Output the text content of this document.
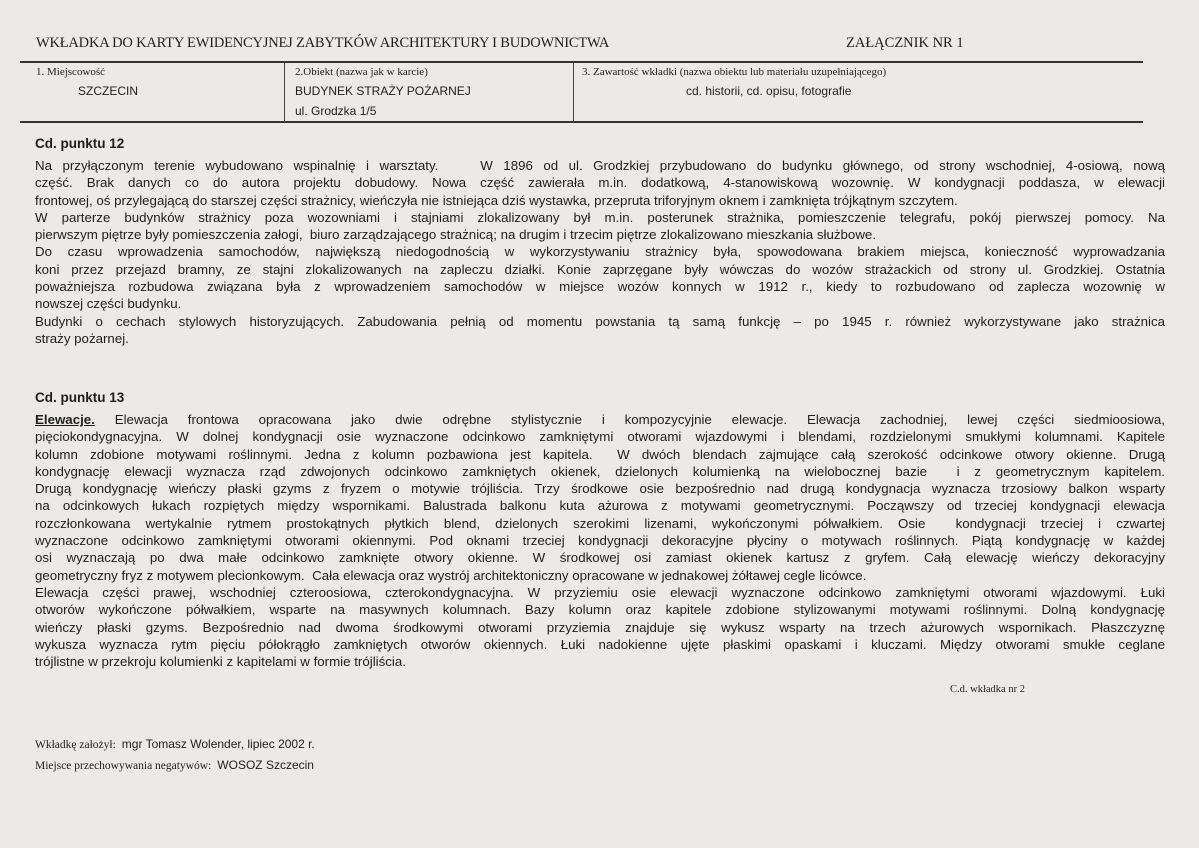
WKŁADKA DO KARTY EWIDENCYJNEJ ZABYTKÓW ARCHITEKTURY I BUDOWNICTWA	ZAŁĄCZNIK NR 1
1. Miejscowość
SZCZECIN
2.Obiekt (nazwa jak w karcie)
BUDYNEK STRAŻY POŻARNEJ
ul. Grodzka 1/5
3. Zawartość wkładki (nazwa obiektu lub materiału uzupełniającego)
cd. historii, cd. opisu, fotografie
Cd. punktu 12
Na przyłączonym terenie wybudowano wspinalnię i warsztaty.    W 1896 od ul. Grodzkiej przybudowano do budynku głównego, od strony wschodniej, 4-osiową, nową
część. Brak danych co do autora projektu dobudowy. Nowa część zawierała m.in. dodatkową, 4-stanowiskową wozownię. W kondygnacji poddasza, w elewacji
frontowej, oś przylegającą do starszej części strażnicy, wieńczyła nie istniejąca dziś wystawka, przepruta triforyjnym oknem i zamknięta trójkątnym szczytem.
W parterze budynków strażnicy poza wozowniami i stajniami zlokalizowany był m.in. posterunek strażnika, pomieszczenie telegrafu, pokój pierwszej pomocy. Na
pierwszym piętrze były pomieszczenia załogi,  biuro zarządzającego strażnicą; na drugim i trzecim piętrze zlokalizowano mieszkania służbowe.
Do czasu wprowadzenia samochodów, największą niedogodnością w wykorzystywaniu strażnicy była, spowodowana brakiem miejsca, konieczność wyprowadzania
koni przez przejazd bramny, ze stajni zlokalizowanych na zapleczu działki. Konie zaprzęgane były wówczas do wozów strażackich od strony ul. Grodzkiej. Ostatnia
poważniejsza rozbudowa związana była z wprowadzeniem samochodów w miejsce wozów konnych w 1912 r., kiedy to rozbudowano od zaplecza wozownię w
nowszej części budynku.
Budynki o cechach stylowych historyzujących. Zabudowania pełnią od momentu powstania tą samą funkcję – po 1945 r. również wykorzystywane jako strażnica
straży pożarnej.
Cd. punktu 13
Elewacje. Elewacja frontowa opracowana jako dwie odrębne stylistycznie i kompozycyjnie elewacje. Elewacja zachodniej, lewej części siedmioosiowa,
pięciokondygnacyjna. W dolnej kondygnacji osie wyznaczone odcinkowo zamkniętymi otworami wjazdowymi i blendami, rozdzielonymi smukłymi kolumnami. Kapitele
kolumn zdobione motywami roślinnymi. Jedna z kolumn pozbawiona jest kapitela.  W dwóch blendach zajmujące całą szerokość odcinkowe otwory okienne. Drugą
kondygnację elewacji wyznacza rząd zdwojonych odcinkowo zamkniętych okienek, dzielonych kolumienką na wielobocznej bazie  i z geometrycznym kapitelem.
Drugą kondygnację wieńczy płaski gzyms z fryzem o motywie trójliścia. Trzy środkowe osie bezpośrednio nad drugą kondygnacja wyznacza trzosiowy balkon wsparty
na odcinkowych łukach rozpiętych między wspornikami. Balustrada balkonu kuta ażurowa z motywami geometrycznymi. Począwszy od trzeciej kondygnacji elewacja
rozczłonkowana wertykalnie rytmem prostokątnych płytkich blend, dzielonych szerokimi lizenami, wykończonymi półwałkiem. Osie  kondygnacji trzeciej i czwartej
wyznaczone odcinkowo zamkniętymi otworami okiennymi. Pod oknami trzeciej kondygnacji dekoracyjne płyciny o motywach roślinnych. Piątą kondygnację w każdej
osi wyznaczają po dwa małe odcinkowo zamknięte otwory okienne. W środkowej osi zamiast okienek kartusz z gryfem. Całą elewację wieńczy dekoracyjny
geometryczny fryz z motywem plecionkowym.  Cała elewacja oraz wystrój architektoniczny opracowane w jednakowej żółtawej cegle licówce.
Elewacja części prawej, wschodniej czteroosiowa, czterokondygnacyjna. W przyziemiu osie elewacji wyznaczone odcinkowo zamkniętymi otworami wjazdowymi. Łuki
otworów wykończone półwałkiem, wsparte na masywnych kolumnach. Bazy kolumn oraz kapitele zdobione stylizowanymi motywami roślinnymi. Dolną kondygnację
wieńczy płaski gzyms. Bezpośrednio nad dwoma środkowymi otworami przyziemia znajduje się wykusz wsparty na trzech ażurowych wspornikach. Płaszczyznę
wykusza wyznacza rytm pięciu półokrągło zamkniętych otworów okiennych. Łuki nadokienne ujęte płaskimi opaskami i kluczami. Między otworami smukłe ceglane
trójlistne w przekroju kolumienki z kapitelami w formie trójliścia.
C.d. wkładka nr 2
Wkładkę założył: mgr Tomasz Wolender, lipiec 2002 r.
Miejsce przechowywania negatywów: WOSOZ Szczecin
